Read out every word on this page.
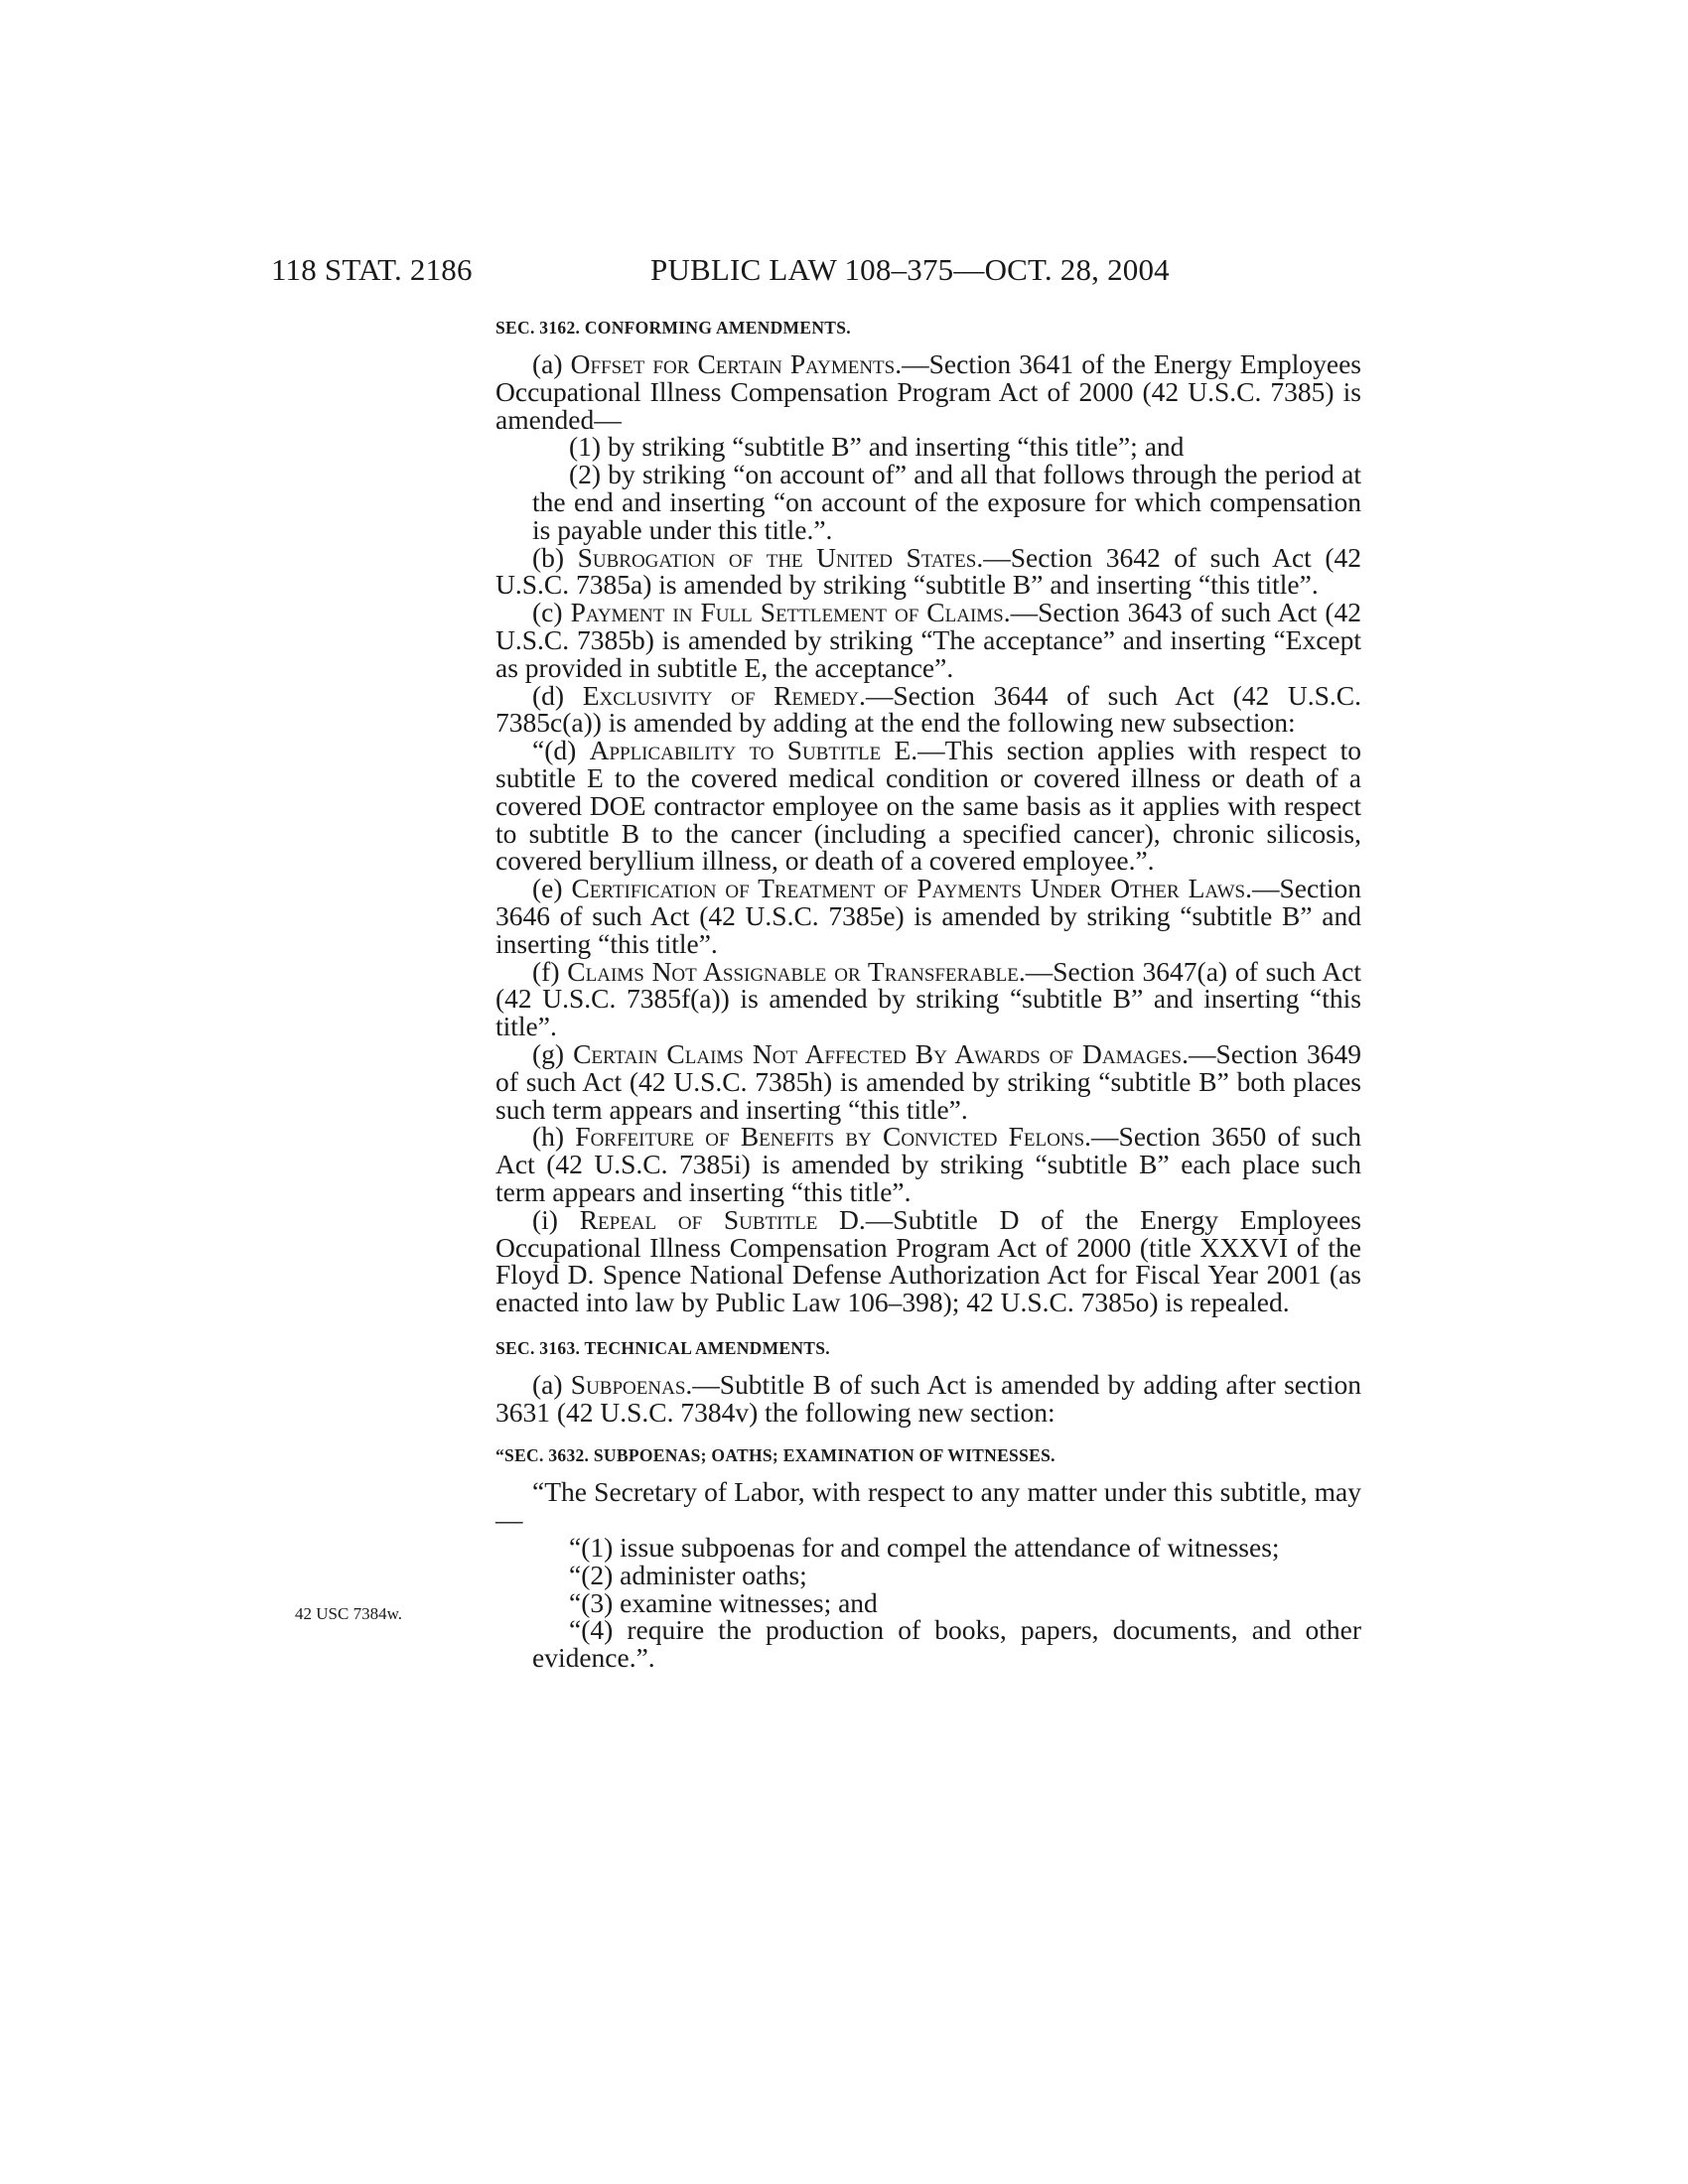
118 STAT. 2186	PUBLIC LAW 108–375—OCT. 28, 2004
42 USC 7384w.
SEC. 3162. CONFORMING AMENDMENTS.

(a) Offset for Certain Payments.—Section 3641 of the Energy Employees Occupational Illness Compensation Program Act of 2000 (42 U.S.C. 7385) is amended—

(1) by striking “subtitle B” and inserting “this title”; and

(2) by striking “on account of” and all that follows through the period at the end and inserting “on account of the exposure for which compensation is payable under this title.”.

(b) Subrogation of the United States.—Section 3642 of such Act (42 U.S.C. 7385a) is amended by striking “subtitle B” and inserting “this title”.

(c) Payment in Full Settlement of Claims.—Section 3643 of such Act (42 U.S.C. 7385b) is amended by striking “The acceptance” and inserting “Except as provided in subtitle E, the acceptance”.

(d) Exclusivity of Remedy.—Section 3644 of such Act (42 U.S.C. 7385c(a)) is amended by adding at the end the following new subsection:

“(d) Applicability to Subtitle E.—This section applies with respect to subtitle E to the covered medical condition or covered illness or death of a covered DOE contractor employee on the same basis as it applies with respect to subtitle B to the cancer (including a specified cancer), chronic silicosis, covered beryllium illness, or death of a covered employee.”.

(e) Certification of Treatment of Payments Under Other Laws.—Section 3646 of such Act (42 U.S.C. 7385e) is amended by striking “subtitle B” and inserting “this title”.

(f) Claims Not Assignable or Transferable.—Section 3647(a) of such Act (42 U.S.C. 7385f(a)) is amended by striking “subtitle B” and inserting “this title”.

(g) Certain Claims Not Affected By Awards of Damages.—Section 3649 of such Act (42 U.S.C. 7385h) is amended by striking “subtitle B” both places such term appears and inserting “this title”.

(h) Forfeiture of Benefits by Convicted Felons.—Section 3650 of such Act (42 U.S.C. 7385i) is amended by striking “subtitle B” each place such term appears and inserting “this title”.

(i) Repeal of Subtitle D.—Subtitle D of the Energy Employees Occupational Illness Compensation Program Act of 2000 (title XXXVI of the Floyd D. Spence National Defense Authorization Act for Fiscal Year 2001 (as enacted into law by Public Law 106–398); 42 U.S.C. 7385o) is repealed.

SEC. 3163. TECHNICAL AMENDMENTS.

(a) Subpoenas.—Subtitle B of such Act is amended by adding after section 3631 (42 U.S.C. 7384v) the following new section:

“SEC. 3632. SUBPOENAS; OATHS; EXAMINATION OF WITNESSES.

“The Secretary of Labor, with respect to any matter under this subtitle, may—

“(1) issue subpoenas for and compel the attendance of witnesses;

“(2) administer oaths;

“(3) examine witnesses; and

“(4) require the production of books, papers, documents, and other evidence.”.
